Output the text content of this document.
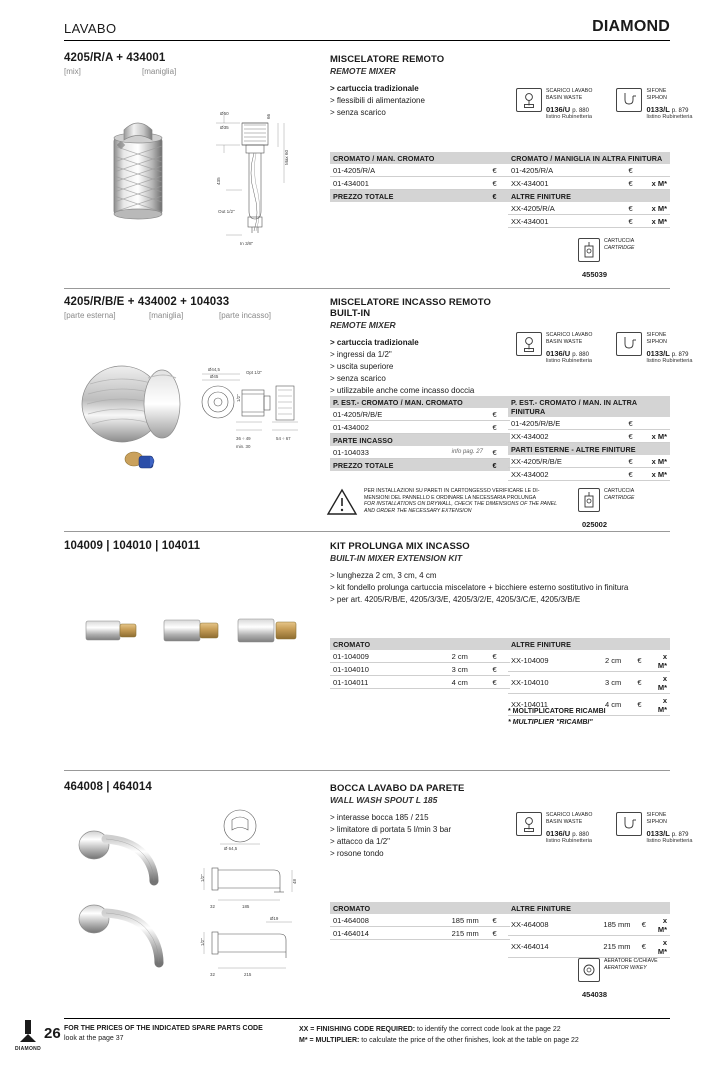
LAVABO	DIAMOND
4205/R/A + 434001
[mix]	[maniglia]
Ø50
Ø35
66
435
Max 60
Out 1/2"
In 3/8"
MISCELATORE REMOTO
REMOTE MIXER
> cartuccia tradizionale
> flessibili di alimentazione
> senza scarico
SCARICO LAVABO
BASIN WASTE
0136/U p. 880
listino Rubinetteria
SIFONE
SIPHON
0133/L p. 879
listino Rubinetteria
CROMATO / MAN. CROMATO		
01-4205/R/A		€
01-434001		€
PREZZO TOTALE		€
CROMATO / MANIGLIA IN ALTRA FINITURA		
01-4205/R/A	€	
XX-434001	€	x M*
ALTRE FINITURE		
XX-4205/R/A	€	x M*
XX-434001	€	x M*
CARTUCCIA
CARTRIDGE
455039
4205/R/B/E + 434002 + 104033
[parte esterna]	[maniglia]	[parte incasso]
Ø44,5
Ø45
Opt 1/2"
1/2"
36 ÷ 49
min. 30
54 ÷ 67
MISCELATORE INCASSO REMOTO BUILT-IN
REMOTE MIXER
> cartuccia tradizionale
> ingressi da 1/2"
> uscita superiore
> senza scarico
> utilizzabile anche come incasso doccia
SCARICO LAVABO
BASIN WASTE
0136/U p. 880
listino Rubinetteria
SIFONE
SIPHON
0133/L p. 879
listino Rubinetteria
P. EST.- CROMATO / MAN. CROMATO		
01-4205/R/B/E		€
01-434002		€
PARTE INCASSO		
01-104033	info pag. 27	€
PREZZO TOTALE		€
P. EST.- CROMATO / MAN. IN ALTRA FINITURA		
01-4205/R/B/E	€	
XX-434002	€	x M*
PARTI ESTERNE - ALTRE FINITURE		
XX-4205/R/B/E	€	x M*
XX-434002	€	x M*
PER INSTALLAZIONI SU PARETI IN CARTONGESSO VERIFICARE LE DI-MENSIONI DEL PANNELLO E ORDINARE LA NECESSARIA PROLUNGA
FOR INSTALLATIONS ON DRYWALL, CHECK THE DIMENSIONS OF THE PANEL AND ORDER THE NECESSARY EXTENSION
CARTUCCIA
CARTRIDGE
025002
104009 | 104010 | 104011	KIT PROLUNGA MIX INCASSO
BUILT-IN MIXER EXTENSION KIT
> lunghezza 2 cm, 3 cm, 4 cm
> kit fondello prolunga cartuccia miscelatore + bicchiere esterno sostitutivo in finitura
> per art. 4205/R/B/E, 4205/3/3/E, 4205/3/2/E, 4205/3/C/E, 4205/3/B/E
CROMATO		
01-104009	2 cm	€
01-104010	3 cm	€
01-104011	4 cm	€
ALTRE FINITURE			
XX-104009	2 cm	€	x M*
XX-104010	3 cm	€	x M*
XX-104011	4 cm	€	x M*
* MOLTIPLICATORE RICAMBI
* MULTIPLIER "RICAMBI"
464008 | 464014
Ø 64,5
1/2"
185
48
32
Ø19
215
1/2"
32
BOCCA LAVABO DA PARETE
WALL WASH SPOUT L 185
> interasse bocca 185 / 215
> limitatore di portata 5 l/min 3 bar
> attacco da 1/2"
> rosone tondo
SCARICO LAVABO
BASIN WASTE
0136/U p. 880
listino Rubinetteria
SIFONE
SIPHON
0133/L p. 879
listino Rubinetteria
CROMATO		
01-464008	185 mm	€
01-464014	215 mm	€
ALTRE FINITURE			
XX-464008	185 mm	€	x M*
XX-464014	215 mm	€	x M*
AERATORE C/CHIAVE
AERATOR W/KEY
454038
DIAMOND
26 FOR THE PRICES OF THE INDICATED SPARE PARTS CODE
look at the page 37
XX = FINISHING CODE REQUIRED: to identify the correct code look at the page 22
M* = MULTIPLIER: to calculate the price of the other finishes, look at the table on page 22
